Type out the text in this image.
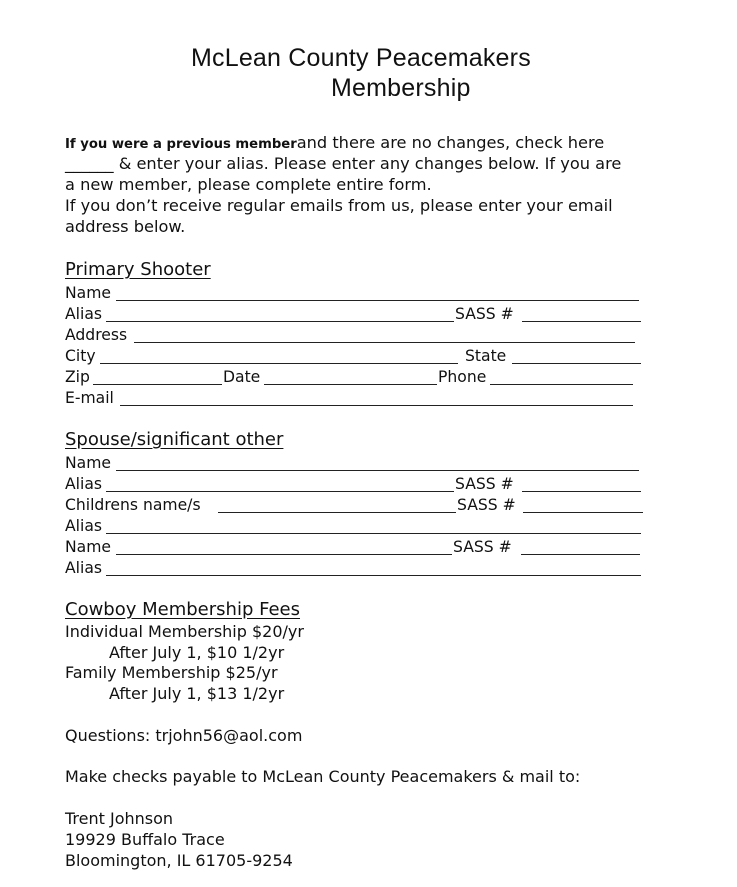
McLean County Peacemakers
Membership
If you were a previous memberand there are no changes, check here
______ & enter your alias. Please enter any changes below. If you are
a new member, please complete entire form.
If you don’t receive regular emails from us, please enter your email
address below.
Primary Shooter
Name
Alias	SASS #
Address
City	State
Zip	Date	Phone
E-mail
Spouse/significant other
Name
Alias	SASS #
Childrens name/s	SASS #
Alias
Name	SASS #
Alias
Cowboy Membership Fees
Individual Membership $20/yr
After July 1, $10 1/2yr
Family Membership $25/yr
After July 1, $13 1/2yr
Questions: trjohn56@aol.com
Make checks payable to McLean County Peacemakers & mail to:
Trent Johnson
19929 Buffalo Trace
Bloomington, IL 61705-9254
